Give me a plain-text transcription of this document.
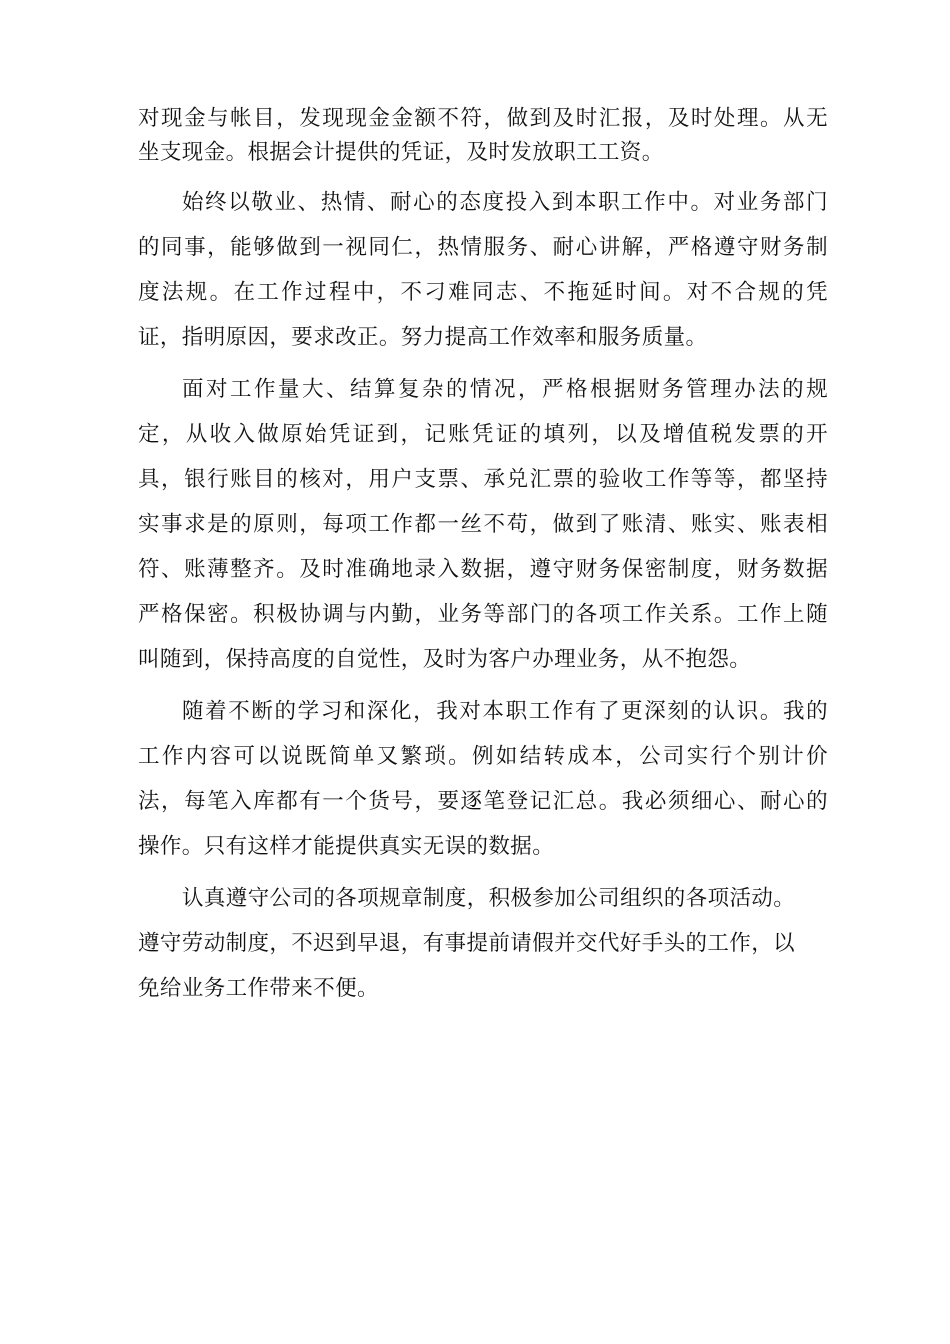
对现金与帐目，发现现金金额不符，做到及时汇报，及时处理。从无
坐支现金。根据会计提供的凭证，及时发放职工工资。
始终以敬业、热情、耐心的态度投入到本职工作中。对业务部门
的同事，能够做到一视同仁，热情服务、耐心讲解，严格遵守财务制
度法规。在工作过程中，不刁难同志、不拖延时间。对不合规的凭
证，指明原因，要求改正。努力提高工作效率和服务质量。
面对工作量大、结算复杂的情况，严格根据财务管理办法的规
定，从收入做原始凭证到，记账凭证的填列，以及增值税发票的开
具，银行账目的核对，用户支票、承兑汇票的验收工作等等，都坚持
实事求是的原则，每项工作都一丝不苟，做到了账清、账实、账表相
符、账薄整齐。及时准确地录入数据，遵守财务保密制度，财务数据
严格保密。积极协调与内勤，业务等部门的各项工作关系。工作上随
叫随到，保持高度的自觉性，及时为客户办理业务，从不抱怨。
随着不断的学习和深化，我对本职工作有了更深刻的认识。我的
工作内容可以说既简单又繁琐。例如结转成本，公司实行个别计价
法，每笔入库都有一个货号，要逐笔登记汇总。我必须细心、耐心的
操作。只有这样才能提供真实无误的数据。
认真遵守公司的各项规章制度，积极参加公司组织的各项活动。
遵守劳动制度，不迟到早退，有事提前请假并交代好手头的工作，以
免给业务工作带来不便。
